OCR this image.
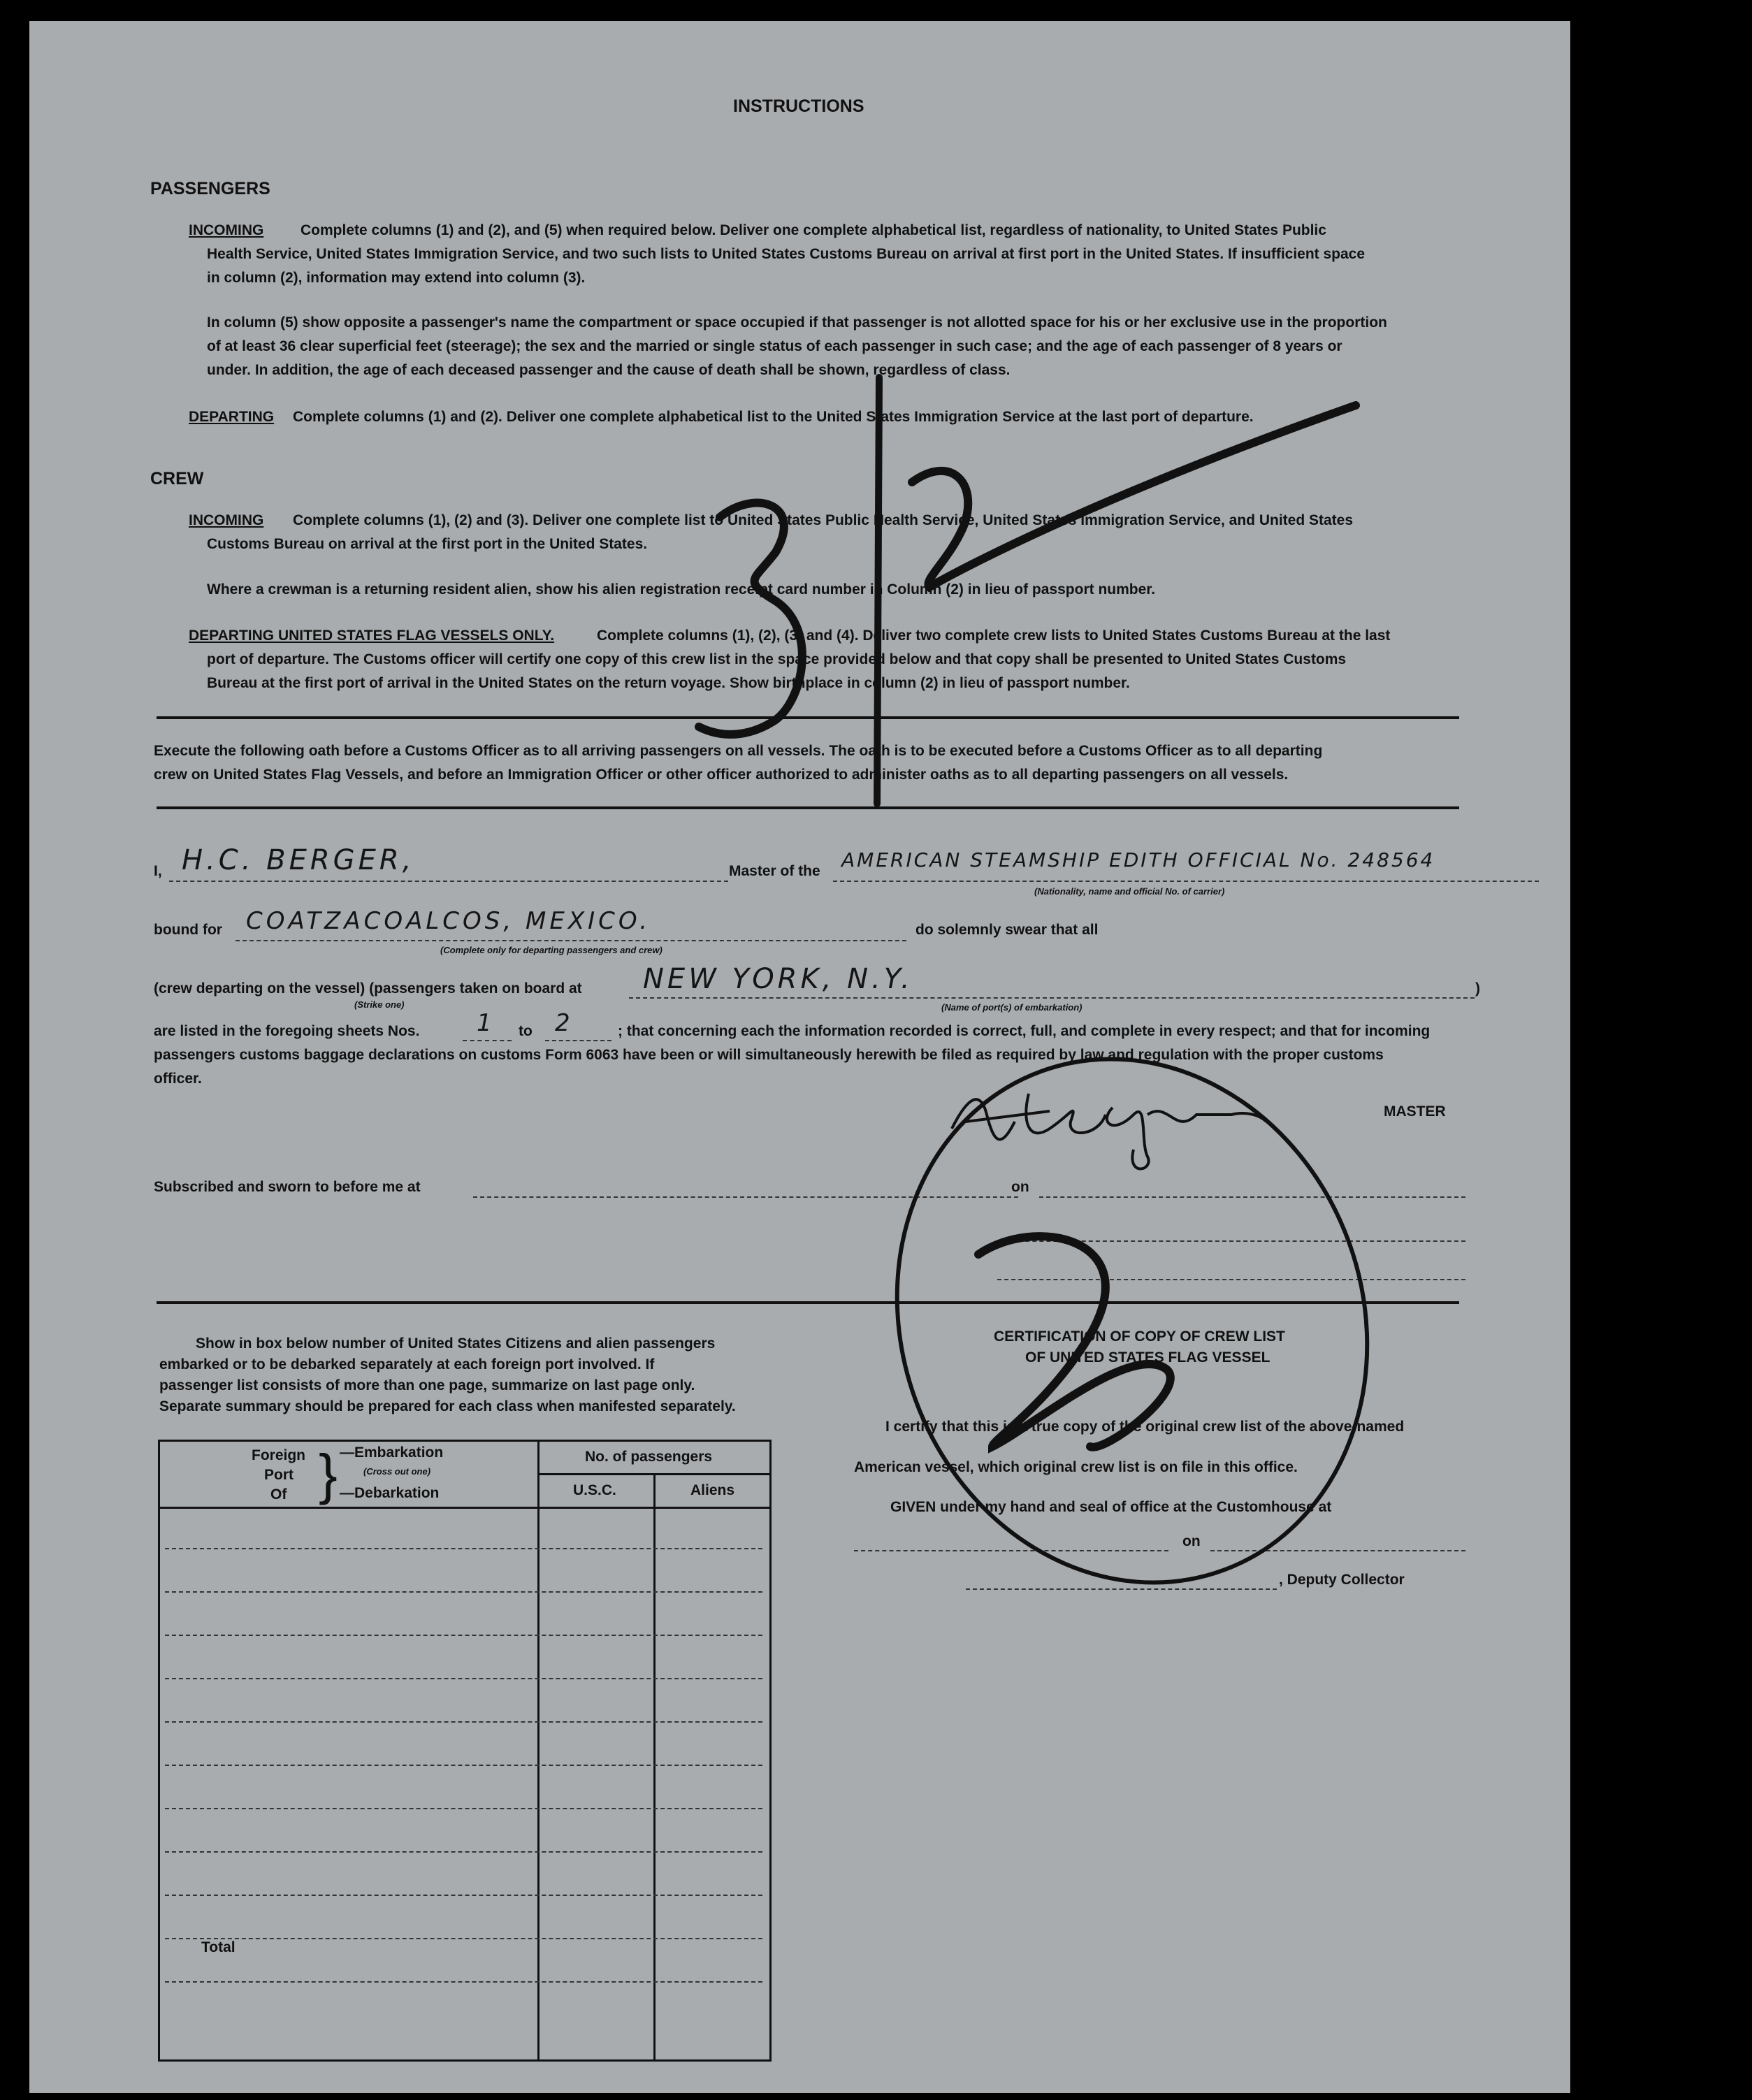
INSTRUCTIONS
PASSENGERS
INCOMING	Complete columns (1) and (2), and (5) when required below. Deliver one complete alphabetical list, regardless of nationality, to United States Public
Health Service, United States Immigration Service, and two such lists to United States Customs Bureau on arrival at first port in the United States. If insufficient space
in column (2), information may extend into column (3).
In column (5) show opposite a passenger's name the compartment or space occupied if that passenger is not allotted space for his or her exclusive use in the proportion
of at least 36 clear superficial feet (steerage); the sex and the married or single status of each passenger in such case; and the age of each passenger of 8 years or
under. In addition, the age of each deceased passenger and the cause of death shall be shown, regardless of class.
DEPARTING Complete columns (1) and (2). Deliver one complete alphabetical list to the United States Immigration Service at the last port of departure.
CREW
INCOMING Complete columns (1), (2) and (3). Deliver one complete list to United States Public Health Service, United States Immigration Service, and United States
Customs Bureau on arrival at the first port in the United States.
Where a crewman is a returning resident alien, show his alien registration receipt card number in Column (2) in lieu of passport number.
DEPARTING UNITED STATES FLAG VESSELS ONLY.	Complete columns (1), (2), (3) and (4). Deliver two complete crew lists to United States Customs Bureau at the last
port of departure. The Customs officer will certify one copy of this crew list in the space provided below and that copy shall be presented to United States Customs
Bureau at the first port of arrival in the United States on the return voyage. Show birthplace in column (2) in lieu of passport number.
Execute the following oath before a Customs Officer as to all arriving passengers on all vessels. The oath is to be executed before a Customs Officer as to all departing
crew on United States Flag Vessels, and before an Immigration Officer or other officer authorized to administer oaths as to all departing passengers on all vessels.
I, H.C. BERGER,	Master of the AMERICAN STEAMSHIP EDITH OFFICIAL No. 248564
(Nationality, name and official No. of carrier)
bound for COATZACOALCOS, MEXICO.
(Complete only for departing passengers and crew)
do solemnly swear that all
(crew departing on the vessel) (passengers taken on board at
(Strike one)
NEW YORK, N.Y.
(Name of port(s) of embarkation)
)
are listed in the foregoing sheets Nos. 1 to 2	; that concerning each the information recorded is correct, full, and complete in every respect; and that for incoming
passengers customs baggage declarations on customs Form 6063 have been or will simultaneously herewith be filed as required by law and regulation with the proper customs
officer.
MASTER
Subscribed and sworn to before me at	on
Show in box below number of United States Citizens and alien passengers
embarked or to be debarked separately at each foreign port involved. If
passenger list consists of more than one page, summarize on last page only.
Separate summary should be prepared for each class when manifested separately.
Foreign
Port
Of } —Embarkation
(Cross out one)
—Debarkation
No. of passengers
U.S.C.	Aliens
Total
CERTIFICATION OF COPY OF CREW LIST
OF UNITED STATES FLAG VESSEL
I certify that this is a true copy of the original crew list of the above-named
American vessel, which original crew list is on file in this office.
GIVEN under my hand and seal of office at the Customhouse at
on
, Deputy Collector
